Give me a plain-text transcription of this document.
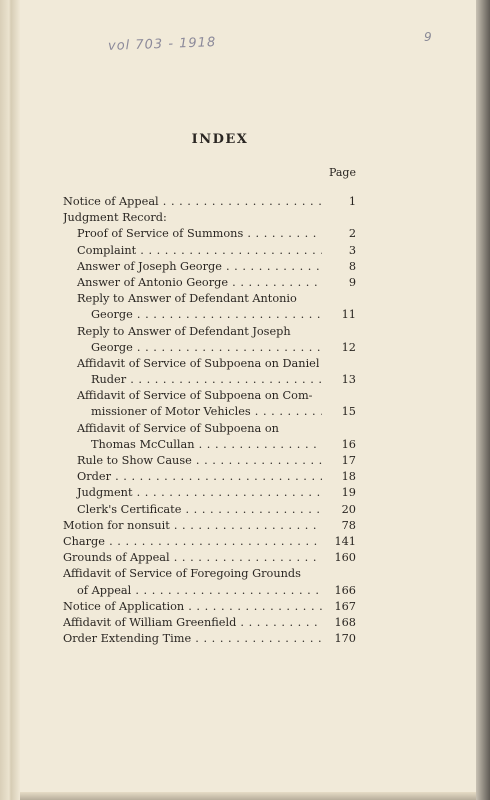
vol 703 - 1918	9
INDEX
Page
Notice of Appeal . . .	1
Judgment Record:
Proof of Service of Summons . . .	2
Complaint . . .	3
Answer of Joseph George . . .	8
Answer of Antonio George . . .	9
Reply to Answer of Defendant Antonio
George . . .	11
Reply to Answer of Defendant Joseph
George . . .	12
Affidavit of Service of Subpoena on Daniel
Ruder . . .	13
Affidavit of Service of Subpoena on Com-
missioner of Motor Vehicles . . .	15
Affidavit of Service of Subpoena on
Thomas McCullan . . .	16
Rule to Show Cause . . .	17
Order . . .	18
Judgment . . .	19
Clerk's Certificate . . .	20
Motion for nonsuit . . .	78
Charge . . .	141
Grounds of Appeal . . .	160
Affidavit of Service of Foregoing Grounds
of Appeal . . .	166
Notice of Application . . .	167
Affidavit of William Greenfield . . .	168
Order Extending Time . . .	170
